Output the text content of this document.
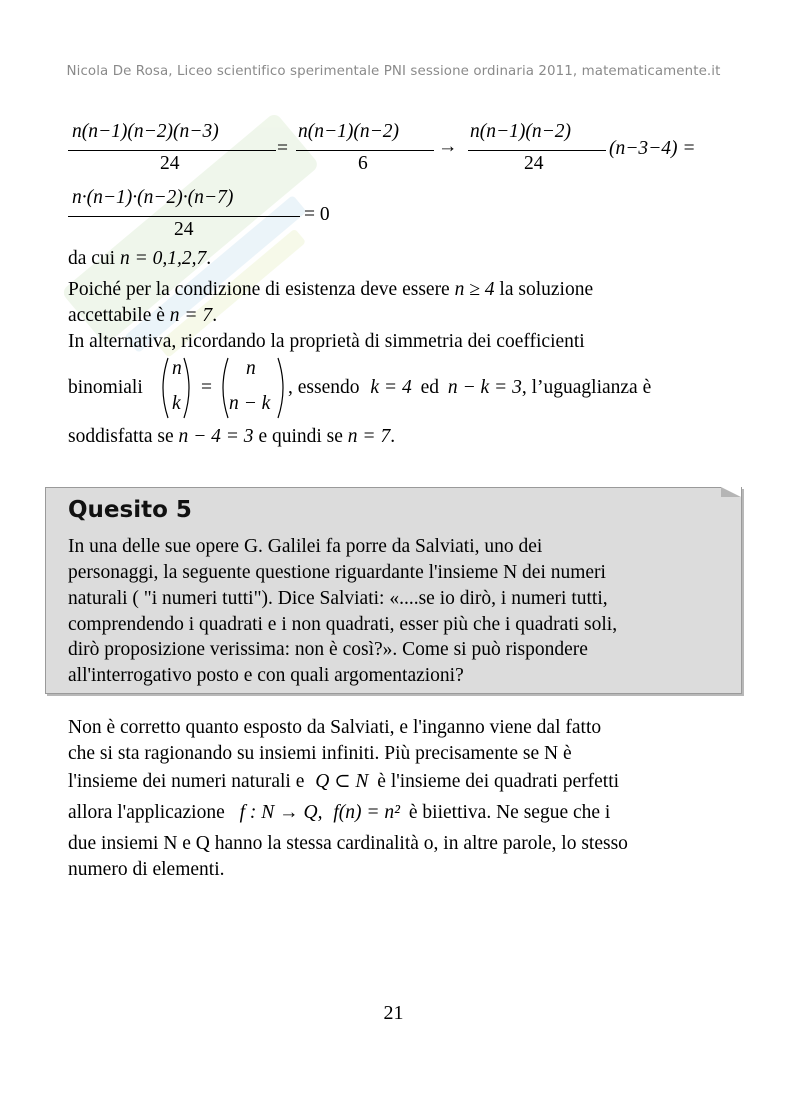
Nicola De Rosa, Liceo scientifico sperimentale PNI sessione ordinaria 2011, matematicamente.it
n(n−1)(n−2)(n−3)
24
=
n(n−1)(n−2)
6
→
n(n−1)(n−2)
24
(n−3−4) =
n·(n−1)·(n−2)·(n−7)
24
= 0
da cui n = 0,1,2,7.
Poiché per la condizione di esistenza deve essere n ≥ 4 la soluzione
accettabile è n = 7.
In alternativa, ricordando la proprietà di simmetria dei coefficienti
binomiali
n
k
=
n
n − k
, essendo k = 4 ed n − k = 3, l’uguaglianza è
soddisfatta se n − 4 = 3 e quindi se n = 7.
Quesito 5
In una delle sue opere G. Galilei fa porre da Salviati, uno dei
personaggi, la seguente questione riguardante l'insieme N dei numeri
naturali ( "i numeri tutti"). Dice Salviati: «....se io dirò, i numeri tutti,
comprendendo i quadrati e i non quadrati, esser più che i quadrati soli,
dirò proposizione verissima: non è così?». Come si può rispondere
all'interrogativo posto e con quali argomentazioni?
Non è corretto quanto esposto da Salviati, e l'inganno viene dal fatto
che si sta ragionando su insiemi infiniti. Più precisamente se N è
l'insieme dei numeri naturali e Q ⊂ N è l'insieme dei quadrati perfetti
allora l'applicazione f : N → Q, f(n) = n² è biiettiva. Ne segue che i
due insiemi N e Q hanno la stessa cardinalità o, in altre parole, lo stesso
numero di elementi.
21
